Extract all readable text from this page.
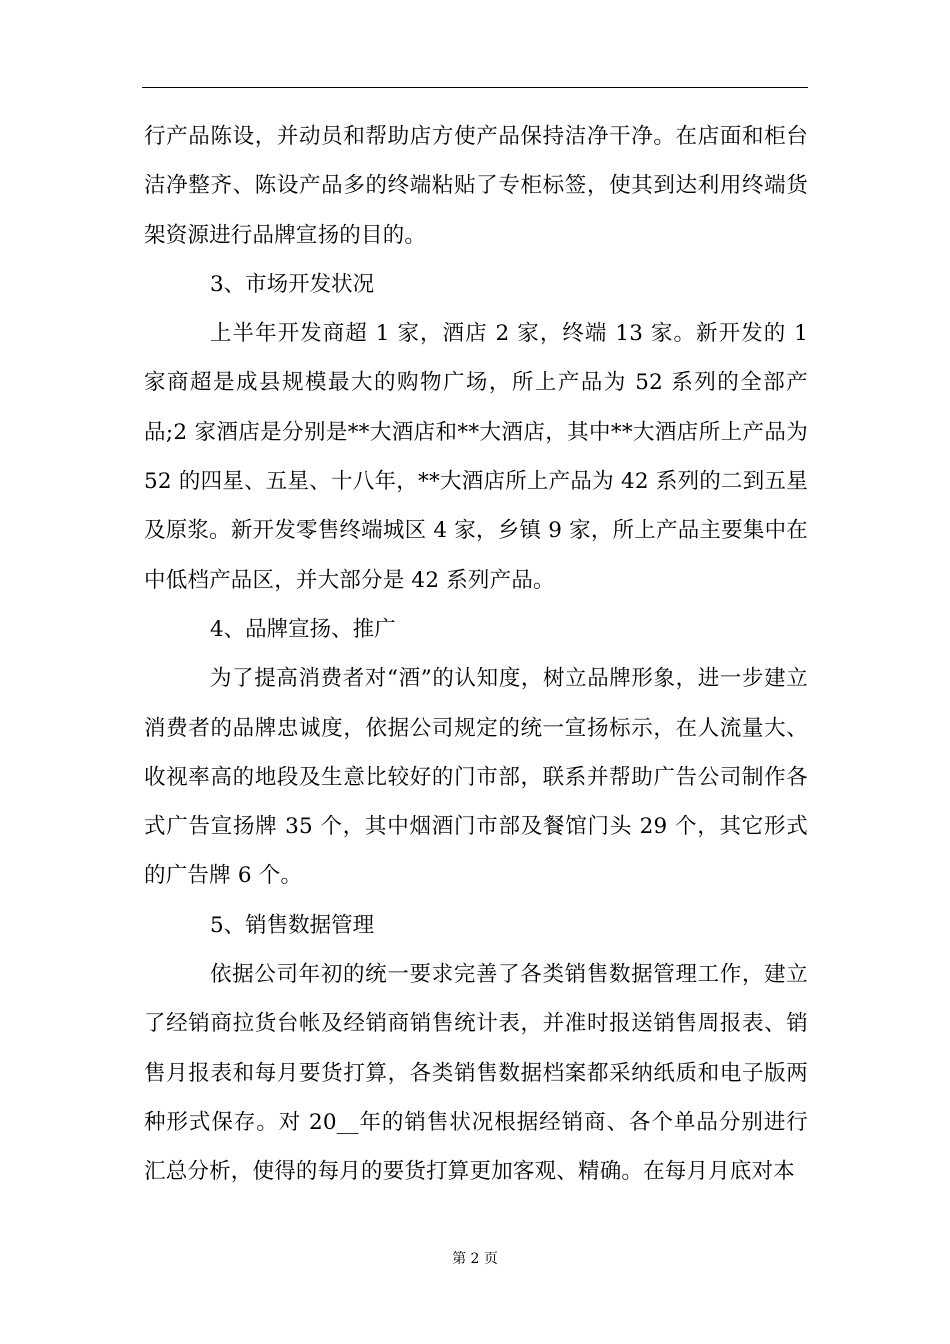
行产品陈设，并动员和帮助店方使产品保持洁净干净。在店面和柜台洁净整齐、陈设产品多的终端粘贴了专柜标签，使其到达利用终端货架资源进行品牌宣扬的目的。

3、市场开发状况

上半年开发商超 1 家，酒店 2 家，终端 13 家。新开发的 1 家商超是成县规模最大的购物广场，所上产品为 52 系列的全部产品;2 家酒店是分别是**大酒店和**大酒店，其中**大酒店所上产品为 52 的四星、五星、十八年，**大酒店所上产品为 42 系列的二到五星及原浆。新开发零售终端城区 4 家，乡镇 9 家，所上产品主要集中在中低档产品区，并大部分是 42 系列产品。

4、品牌宣扬、推广

为了提高消费者对“酒”的认知度，树立品牌形象，进一步建立消费者的品牌忠诚度，依据公司规定的统一宣扬标示，在人流量大、收视率高的地段及生意比较好的门市部，联系并帮助广告公司制作各式广告宣扬牌 35 个，其中烟酒门市部及餐馆门头 29 个，其它形式的广告牌 6 个。

5、销售数据管理

依据公司年初的统一要求完善了各类销售数据管理工作，建立了经销商拉货台帐及经销商销售统计表，并准时报送销售周报表、销售月报表和每月要货打算，各类销售数据档案都采纳纸质和电子版两种形式保存。对 20__年的销售状况根据经销商、各个单品分别进行汇总分析，使得的每月的要货打算更加客观、精确。在每月月底对本

第 2 页
